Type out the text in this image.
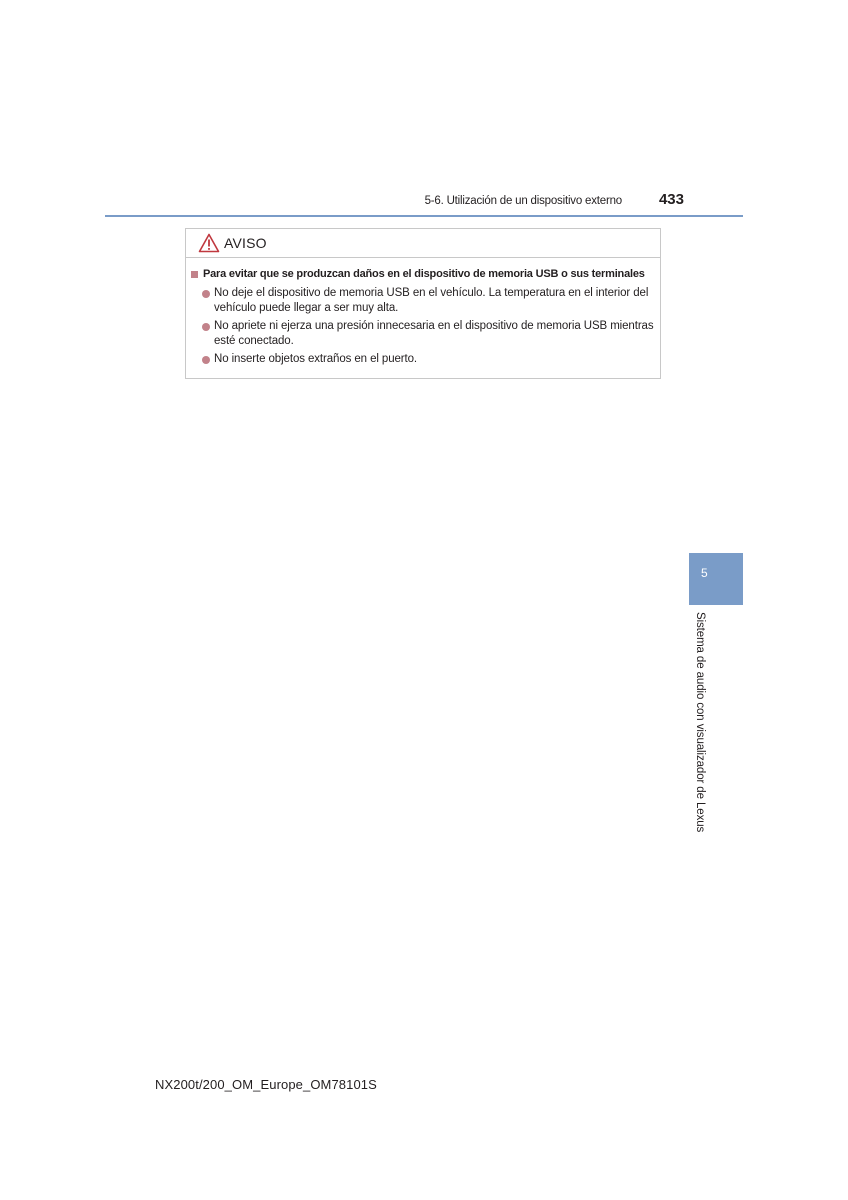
5-6. Utilización de un dispositivo externo	433
AVISO
Para evitar que se produzcan daños en el dispositivo de memoria USB o sus terminales
No deje el dispositivo de memoria USB en el vehículo. La temperatura en el interior del vehículo puede llegar a ser muy alta.
No apriete ni ejerza una presión innecesaria en el dispositivo de memoria USB mientras esté conectado.
No inserte objetos extraños en el puerto.
5
Sistema de audio con visualizador de Lexus
NX200t/200_OM_Europe_OM78101S
